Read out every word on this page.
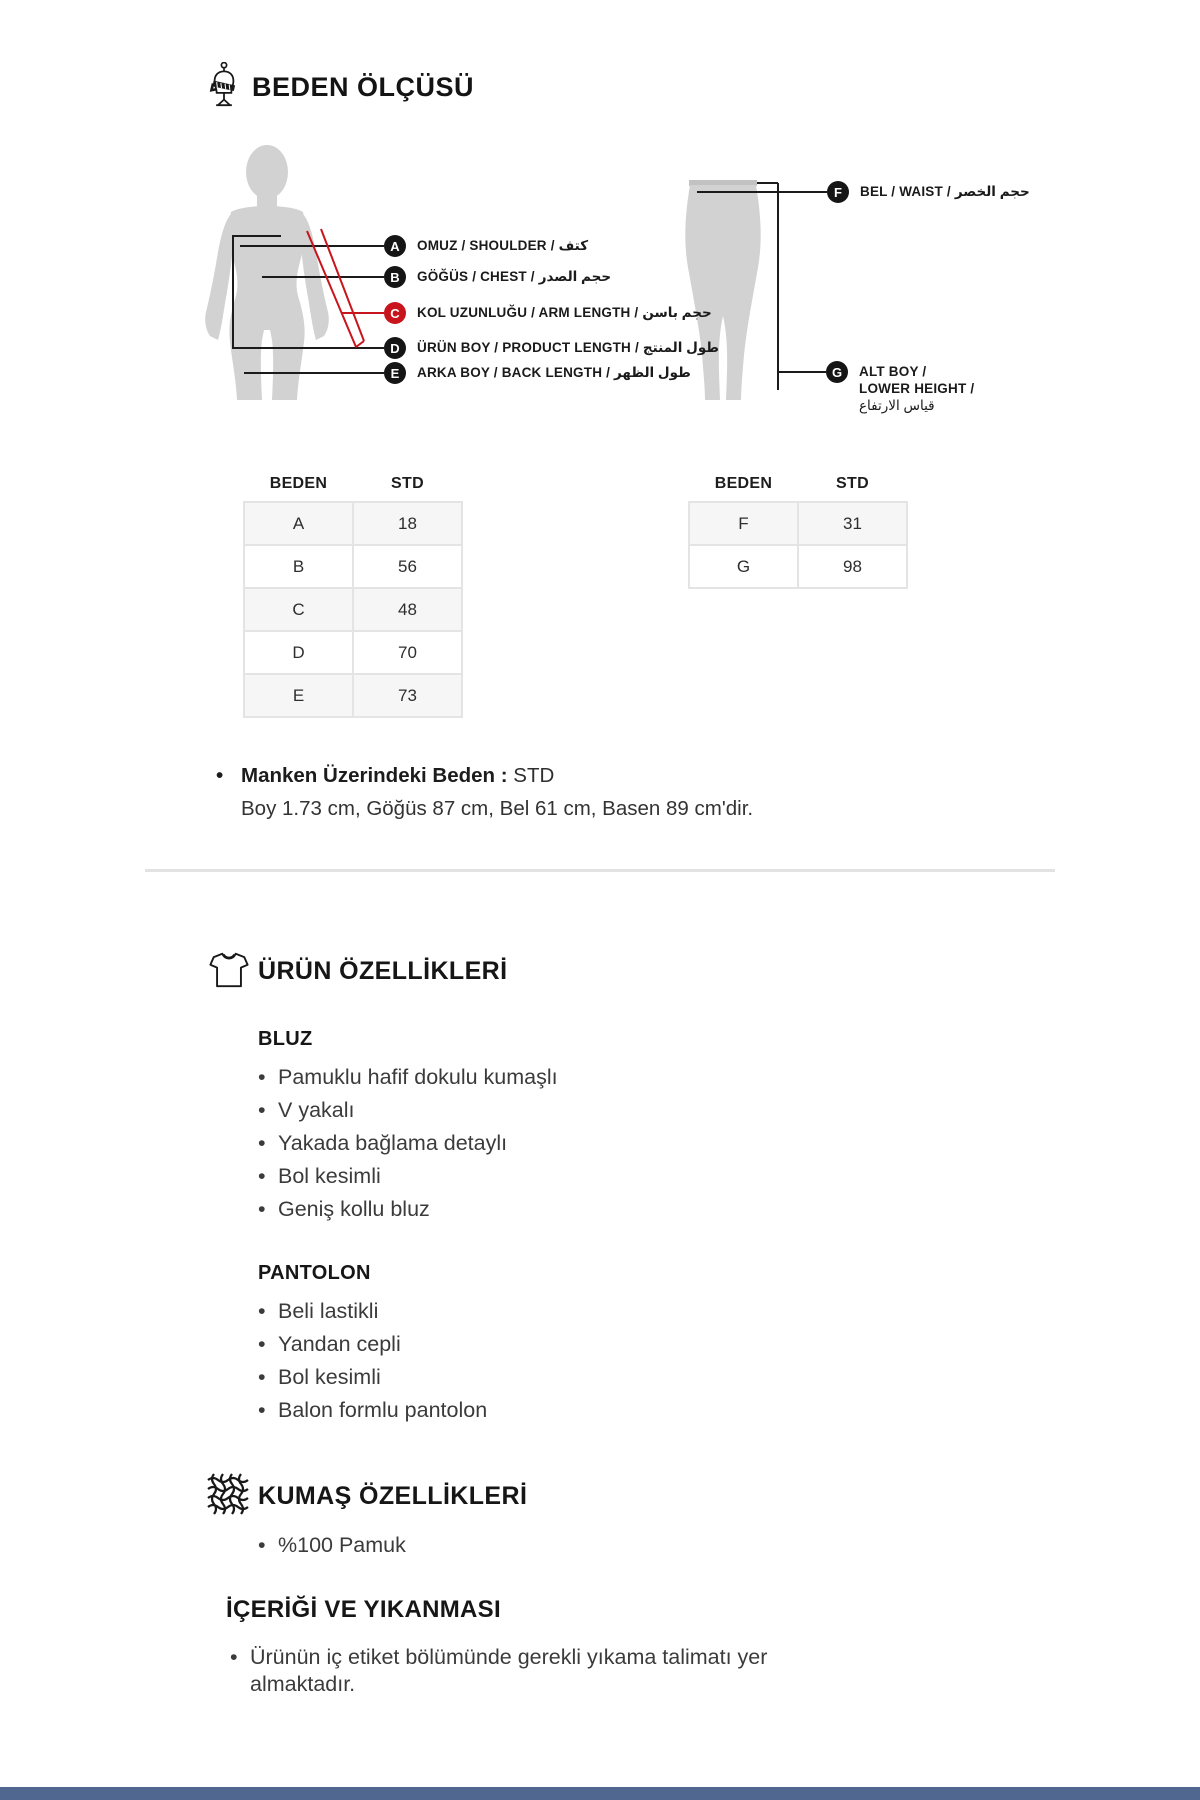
BEDEN ÖLÇÜSÜ
A	OMUZ / SHOULDER / كتف
B	GÖĞÜS / CHEST / حجم الصدر
C	KOL UZUNLUĞU / ARM LENGTH / حجم باسن
D	ÜRÜN BOY / PRODUCT LENGTH / طول المنتج
E	ARKA BOY / BACK LENGTH / طول الظهر
F	BEL / WAIST / حجم الخصر
G	ALT BOY /
LOWER HEIGHT /
قياس الارتفاع
BEDEN	STD
A	18
B	56
C	48
D	70
E	73
BEDEN	STD
F	31
G	98
• Manken Üzerindeki Beden : STD
Boy 1.73 cm, Göğüs 87 cm, Bel 61 cm, Basen 89 cm'dir.
ÜRÜN ÖZELLİKLERİ
BLUZ
• Pamuklu hafif dokulu kumaşlı
• V yakalı
• Yakada bağlama detaylı
• Bol kesimli
• Geniş kollu bluz
PANTOLON
• Beli lastikli
• Yandan cepli
• Bol kesimli
• Balon formlu pantolon
KUMAŞ ÖZELLİKLERİ
• %100 Pamuk
İÇERİĞİ VE YIKANMASI
• Ürünün iç etiket bölümünde gerekli yıkama talimatı yer almaktadır.
